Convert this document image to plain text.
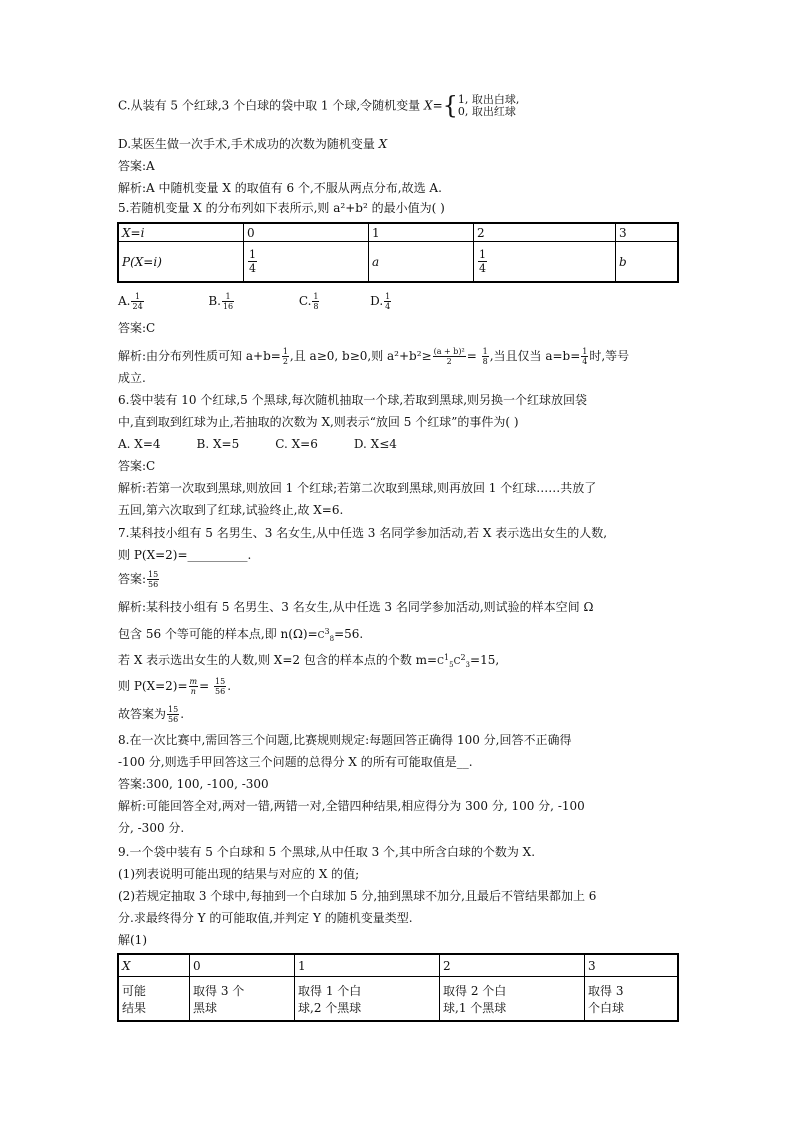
C.从装有 5 个红球,3 个白球的袋中取 1 个球,令随机变量 X={1, 取出白球,
0, 取出红球
D.某医生做一次手术,手术成功的次数为随机变量 X
答案:A
解析:A 中随机变量 X 的取值有 6 个,不服从两点分布,故选 A.
5.若随机变量 X 的分布列如下表所示,则 a²+b² 的最小值为( )
X=i	0	1	2	3
P(X=i)	$\frac{1}{4}$	a	$\frac{1}{4}$	b
A. $\frac{1}{24}$	B. $\frac{1}{16}$	C. $\frac{1}{8}$	D. $\frac{1}{4}$
答案:C
解析:由分布列性质可知 $a+b= \frac{1}{2}$ ,且 a≥0, b≥0,则 $a^2+b^2\ge \frac{\text{(a + b)²}}{2} = \frac{1}{8}$ ,当且仅当 $a=b= \frac{1}{4}$ 时,等号
成立.
6.袋中装有 10 个红球,5 个黑球,每次随机抽取一个球,若取到黑球,则另换一个红球放回袋
中,直到取到红球为止,若抽取的次数为 X,则表示“放回 5 个红球”的事件为( )
A. X=4	B. X=5	C. X=6	D. X≤4
答案:C
解析:若第一次取到黑球,则放回 1 个红球;若第二次取到黑球,则再放回 1 个红球……共放了
五回,第六次取到了红球,试验终止,故 X=6.
7.某科技小组有 5 名男生、3 名女生,从中任选 3 名同学参加活动,若 X 表示选出女生的人数,
则 P(X=2)=__________.
答案: $\frac{15}{56}$
解析:某科技小组有 5 名男生、3 名女生,从中任选 3 名同学参加活动,则试验的样本空间 Ω
包含 56 个等可能的样本点,即 $n(\Omega)=C3_8=56$.
若 X 表示选出女生的人数,则 X=2 包含的样本点的个数 $m=C1_5C2_3=15$,
则 $P(X=2)= \frac{m}{n} = \frac{15}{56}$ .
故答案为 $\frac{15}{56}$ .
8.在一次比赛中,需回答三个问题,比赛规则规定:每题回答正确得 100 分,回答不正确得
-100 分,则选手甲回答这三个问题的总得分 X 的所有可能取值是__.
答案:300, 100, -100, -300
解析:可能回答全对,两对一错,两错一对,全错四种结果,相应得分为 300 分, 100 分, -100
分, -300 分.
9.一个袋中装有 5 个白球和 5 个黑球,从中任取 3 个,其中所含白球的个数为 X.
(1)列表说明可能出现的结果与对应的 X 的值;
(2)若规定抽取 3 个球中,每抽到一个白球加 5 分,抽到黑球不加分,且最后不管结果都加上 6
分.求最终得分 Y 的可能取值,并判定 Y 的随机变量类型.
解(1)
X	0	1	2	3
可能
结果	取得 3 个
黑球	取得 1 个白
球,2 个黑球	取得 2 个白
球,1 个黑球	取得 3
个白球
